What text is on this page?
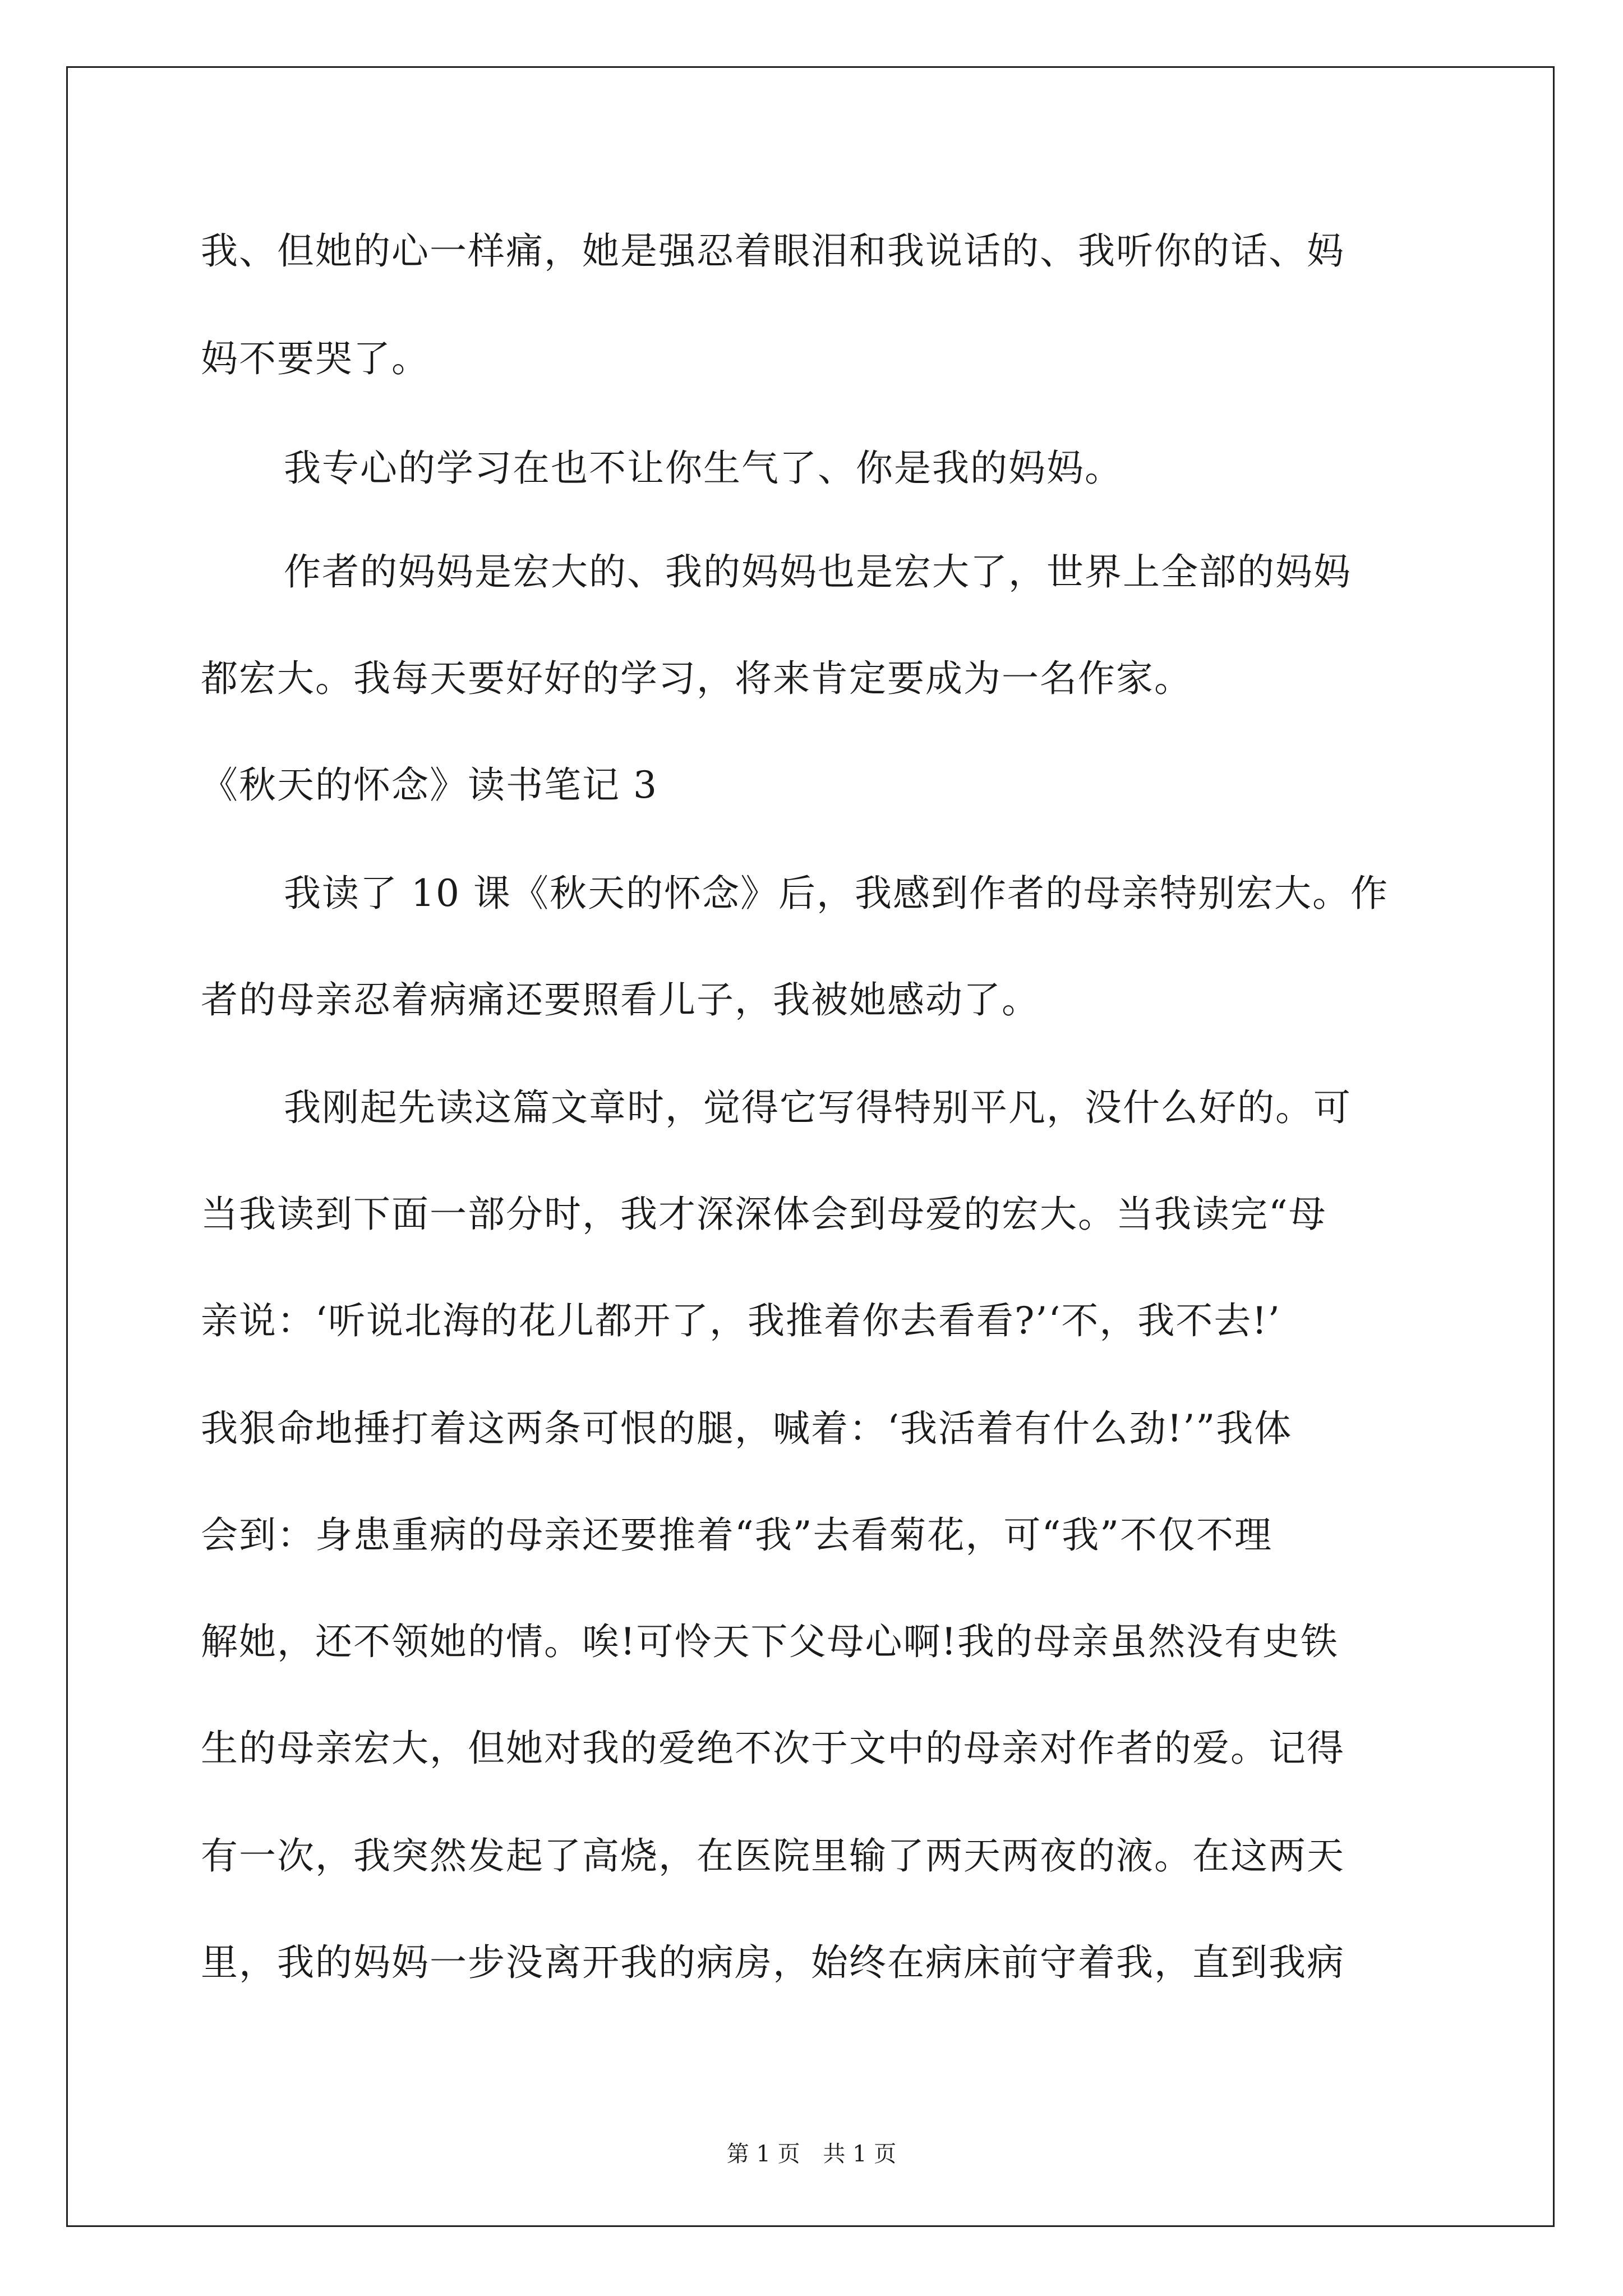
我、但她的心一样痛，她是强忍着眼泪和我说话的、我听你的话、妈
妈不要哭了。
我专心的学习在也不让你生气了、你是我的妈妈。
作者的妈妈是宏大的、我的妈妈也是宏大了，世界上全部的妈妈
都宏大。我每天要好好的学习，将来肯定要成为一名作家。
《秋天的怀念》读书笔记 3
我读了 10 课《秋天的怀念》后，我感到作者的母亲特别宏大。作
者的母亲忍着病痛还要照看儿子，我被她感动了。
我刚起先读这篇文章时，觉得它写得特别平凡，没什么好的。可
当我读到下面一部分时，我才深深体会到母爱的宏大。当我读完“母
亲说：‘听说北海的花儿都开了，我推着你去看看?’‘不，我不去!’
我狠命地捶打着这两条可恨的腿，喊着：‘我活着有什么劲!’”我体
会到：身患重病的母亲还要推着“我”去看菊花，可“我”不仅不理
解她，还不领她的情。唉!可怜天下父母心啊!我的母亲虽然没有史铁
生的母亲宏大，但她对我的爱绝不次于文中的母亲对作者的爱。记得
有一次，我突然发起了高烧，在医院里输了两天两夜的液。在这两天
里，我的妈妈一步没离开我的病房，始终在病床前守着我，直到我病
第 1 页 共 1 页
